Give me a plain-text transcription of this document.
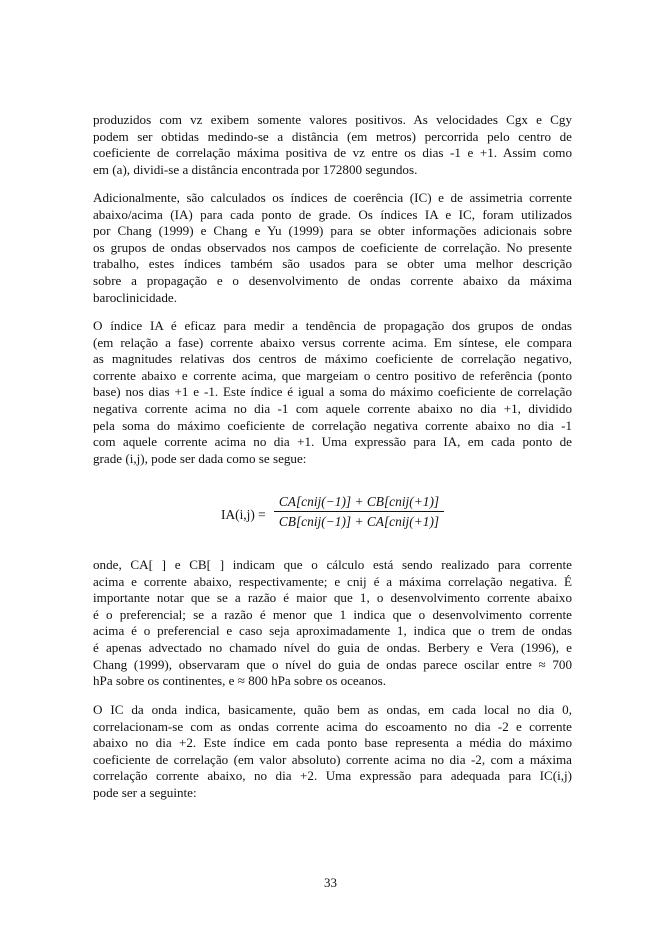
produzidos com vz exibem somente valores positivos. As velocidades Cgx e Cgy
podem ser obtidas medindo-se a distância (em metros) percorrida pelo centro de
coeficiente de correlação máxima positiva de vz entre os dias -1 e +1. Assim como
em (a), dividi-se a distância encontrada por 172800 segundos.
Adicionalmente, são calculados os índices de coerência (IC) e de assimetria corrente
abaixo/acima (IA) para cada ponto de grade. Os índices IA e IC, foram utilizados
por Chang (1999) e Chang e Yu (1999) para se obter informações adicionais sobre
os grupos de ondas observados nos campos de coeficiente de correlação. No presente
trabalho, estes índices também são usados para se obter uma melhor descrição
sobre a propagação e o desenvolvimento de ondas corrente abaixo da máxima
baroclinicidade.
O índice IA é eficaz para medir a tendência de propagação dos grupos de ondas
(em relação a fase) corrente abaixo versus corrente acima. Em síntese, ele compara
as magnitudes relativas dos centros de máximo coeficiente de correlação negativo,
corrente abaixo e corrente acima, que margeiam o centro positivo de referência (ponto
base) nos dias +1 e -1. Este índice é igual a soma do máximo coeficiente de correlação
negativa corrente acima no dia -1 com aquele corrente abaixo no dia +1, dividido
pela soma do máximo coeficiente de correlação negativa corrente abaixo no dia -1
com aquele corrente acima no dia +1. Uma expressão para IA, em cada ponto de
grade (i,j), pode ser dada como se segue:
IA(i,j) =
CA[cnij(−1)] + CB[cnij(+1)]
CB[cnij(−1)] + CA[cnij(+1)]
onde, CA[ ] e CB[ ] indicam que o cálculo está sendo realizado para corrente
acima e corrente abaixo, respectivamente; e cnij é a máxima correlação negativa. É
importante notar que se a razão é maior que 1, o desenvolvimento corrente abaixo
é o preferencial; se a razão é menor que 1 indica que o desenvolvimento corrente
acima é o preferencial e caso seja aproximadamente 1, indica que o trem de ondas
é apenas advectado no chamado nível do guia de ondas. Berbery e Vera (1996), e
Chang (1999), observaram que o nível do guia de ondas parece oscilar entre ≈ 700
hPa sobre os continentes, e ≈ 800 hPa sobre os oceanos.
O IC da onda indica, basicamente, quão bem as ondas, em cada local no dia 0,
correlacionam-se com as ondas corrente acima do escoamento no dia -2 e corrente
abaixo no dia +2. Este índice em cada ponto base representa a média do máximo
coeficiente de correlação (em valor absoluto) corrente acima no dia -2, com a máxima
correlação corrente abaixo, no dia +2. Uma expressão para adequada para IC(i,j)
pode ser a seguinte:
33
